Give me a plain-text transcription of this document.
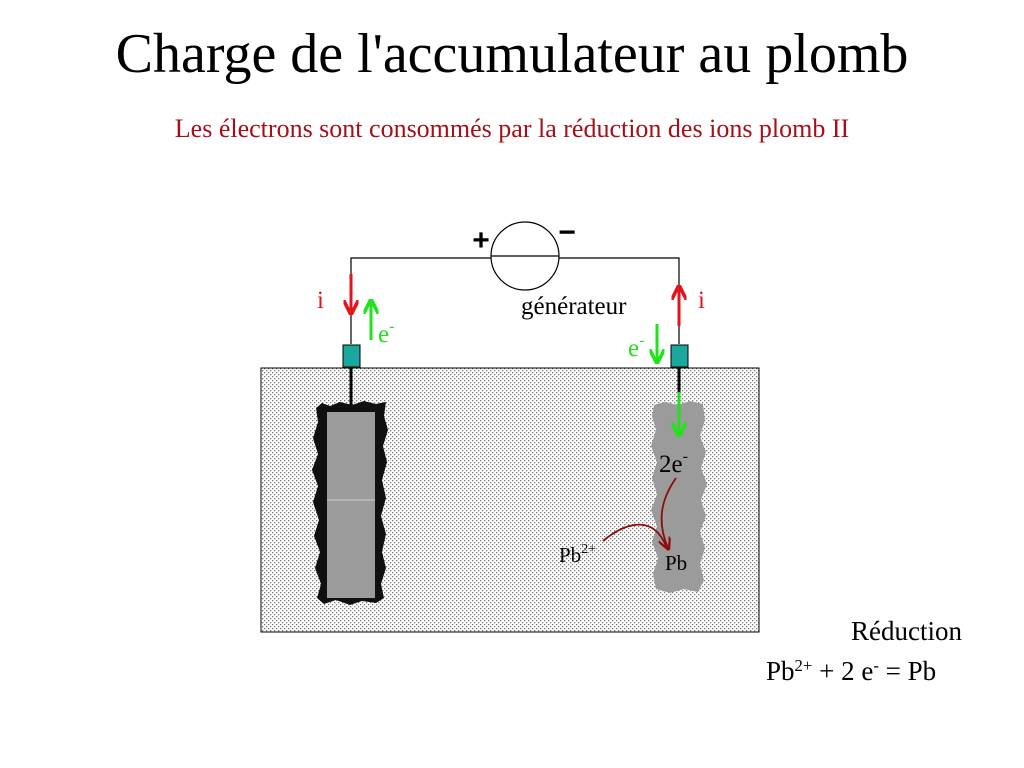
Charge de l'accumulateur au plomb
Les électrons sont consommés par la réduction des ions plomb II
+ −
générateur
i
e-
i
e-
2e-
$Pb^{2+}$
Pb
Réduction
$Pb^{2+} + 2$ e- = Pb
